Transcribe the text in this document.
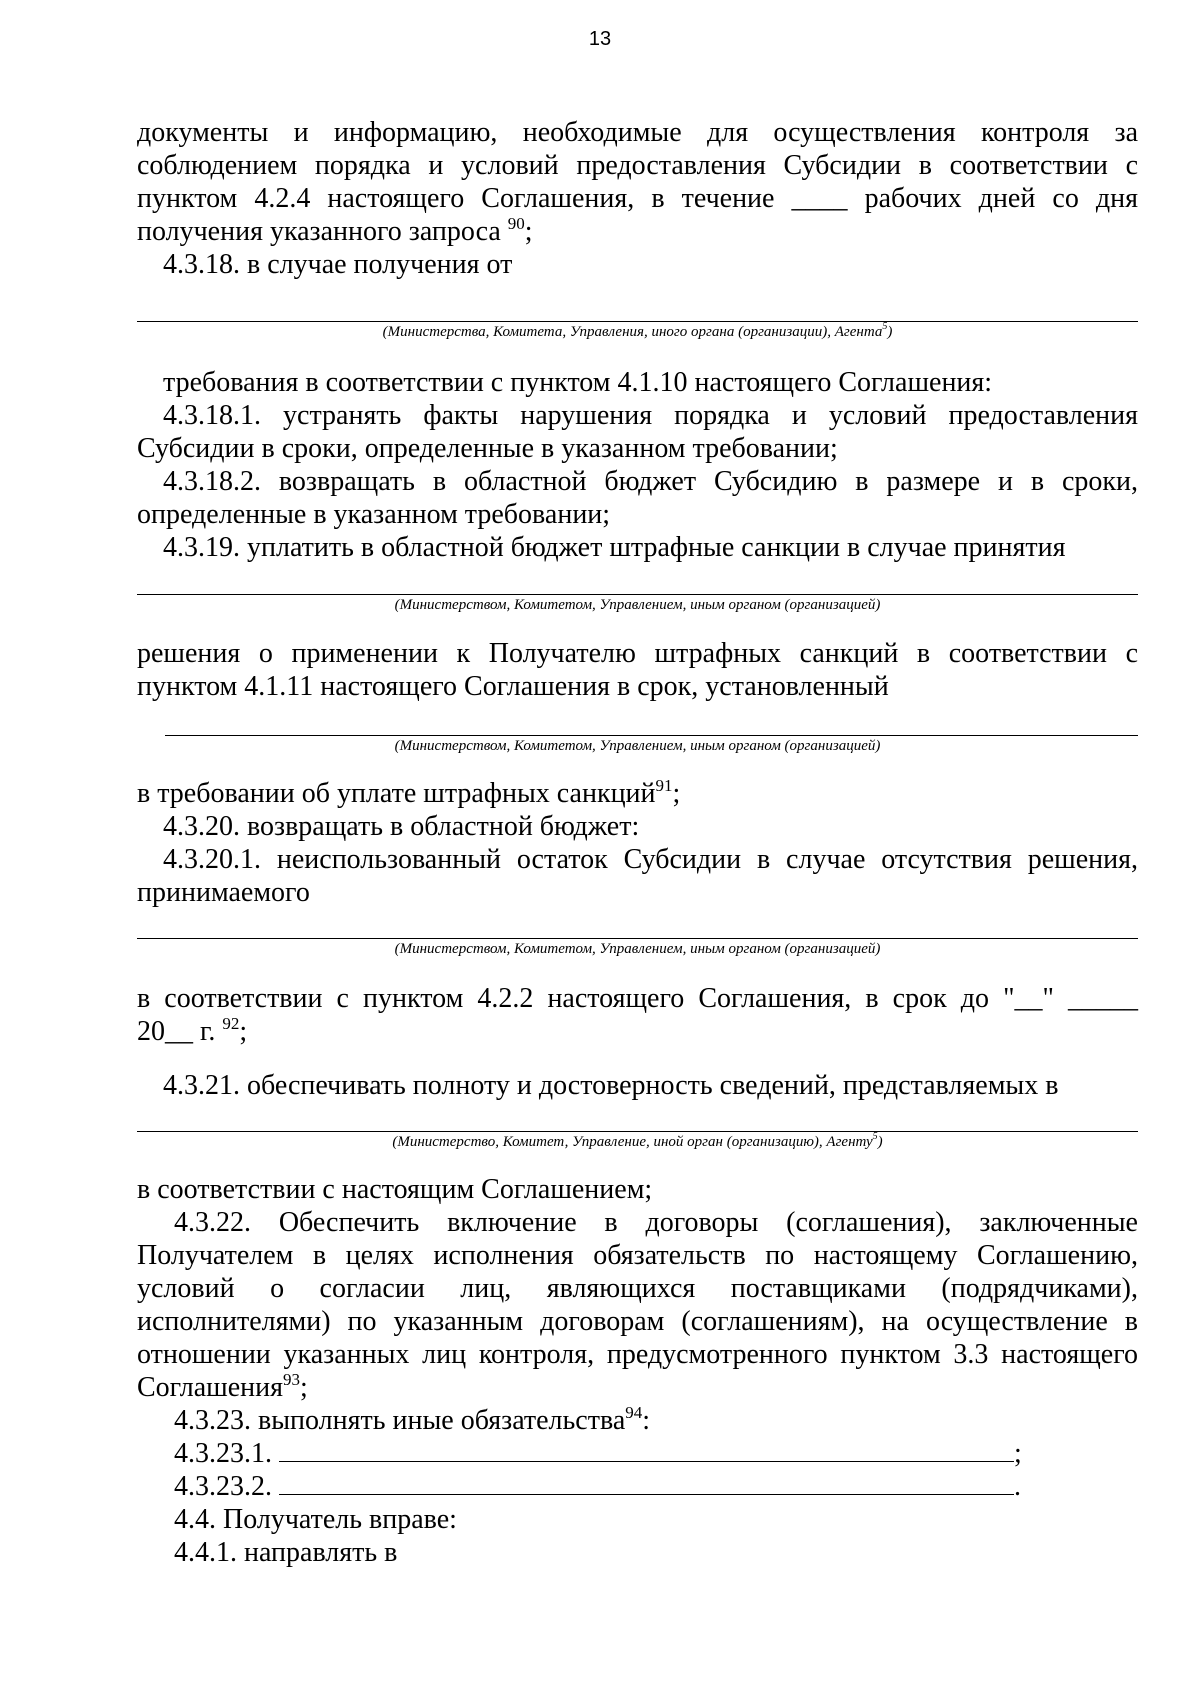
13

документы и информацию, необходимые для осуществления контроля за

соблюдением порядка и условий предоставления Субсидии в соответствии с

пунктом 4.2.4 настоящего Соглашения, в течение ____ рабочих дней со дня

получения указанного запроса $^{90}$;

4.3.18. в случае получения от

(Министерства, Комитета, Управления, иного органа (организации), Агента$^5$)

требования в соответствии с пунктом 4.1.10 настоящего Соглашения:

4.3.18.1. устранять факты нарушения порядка и условий предоставления

Субсидии в сроки, определенные в указанном требовании;

4.3.18.2. возвращать в областной бюджет Субсидию в размере и в сроки,

определенные в указанном требовании;

4.3.19. уплатить в областной бюджет штрафные санкции в случае принятия

(Министерством, Комитетом, Управлением, иным органом (организацией)

решения о применении к Получателю штрафных санкций в соответствии с

пунктом 4.1.11 настоящего Соглашения в срок, установленный

(Министерством, Комитетом, Управлением, иным органом (организацией)

в требовании об уплате штрафных санкций$^{91}$;

4.3.20. возвращать в областной бюджет:

4.3.20.1. неиспользованный остаток Субсидии в случае отсутствия решения,

принимаемого

(Министерством, Комитетом, Управлением, иным органом (организацией)

в соответствии с пунктом 4.2.2 настоящего Соглашения, в срок до "__" _____

20__ г. $^{92}$;

4.3.21. обеспечивать полноту и достоверность сведений, представляемых в

(Министерство, Комитет, Управление, иной орган (организацию), Агенту$^5$)

в соответствии с настоящим Соглашением;

4.3.22. Обеспечить включение в договоры (соглашения), заключенные

Получателем в целях исполнения обязательств по настоящему Соглашению,

условий о согласии лиц, являющихся поставщиками (подрядчиками),

исполнителями) по указанным договорам (соглашениям), на осуществление в

отношении указанных лиц контроля, предусмотренного пунктом 3.3 настоящего

Соглашения$^{93}$;

4.3.23. выполнять иные обязательства$^{94}$:

4.3.23.1.	;

4.3.23.2.	.

4.4. Получатель вправе:

4.4.1. направлять в
